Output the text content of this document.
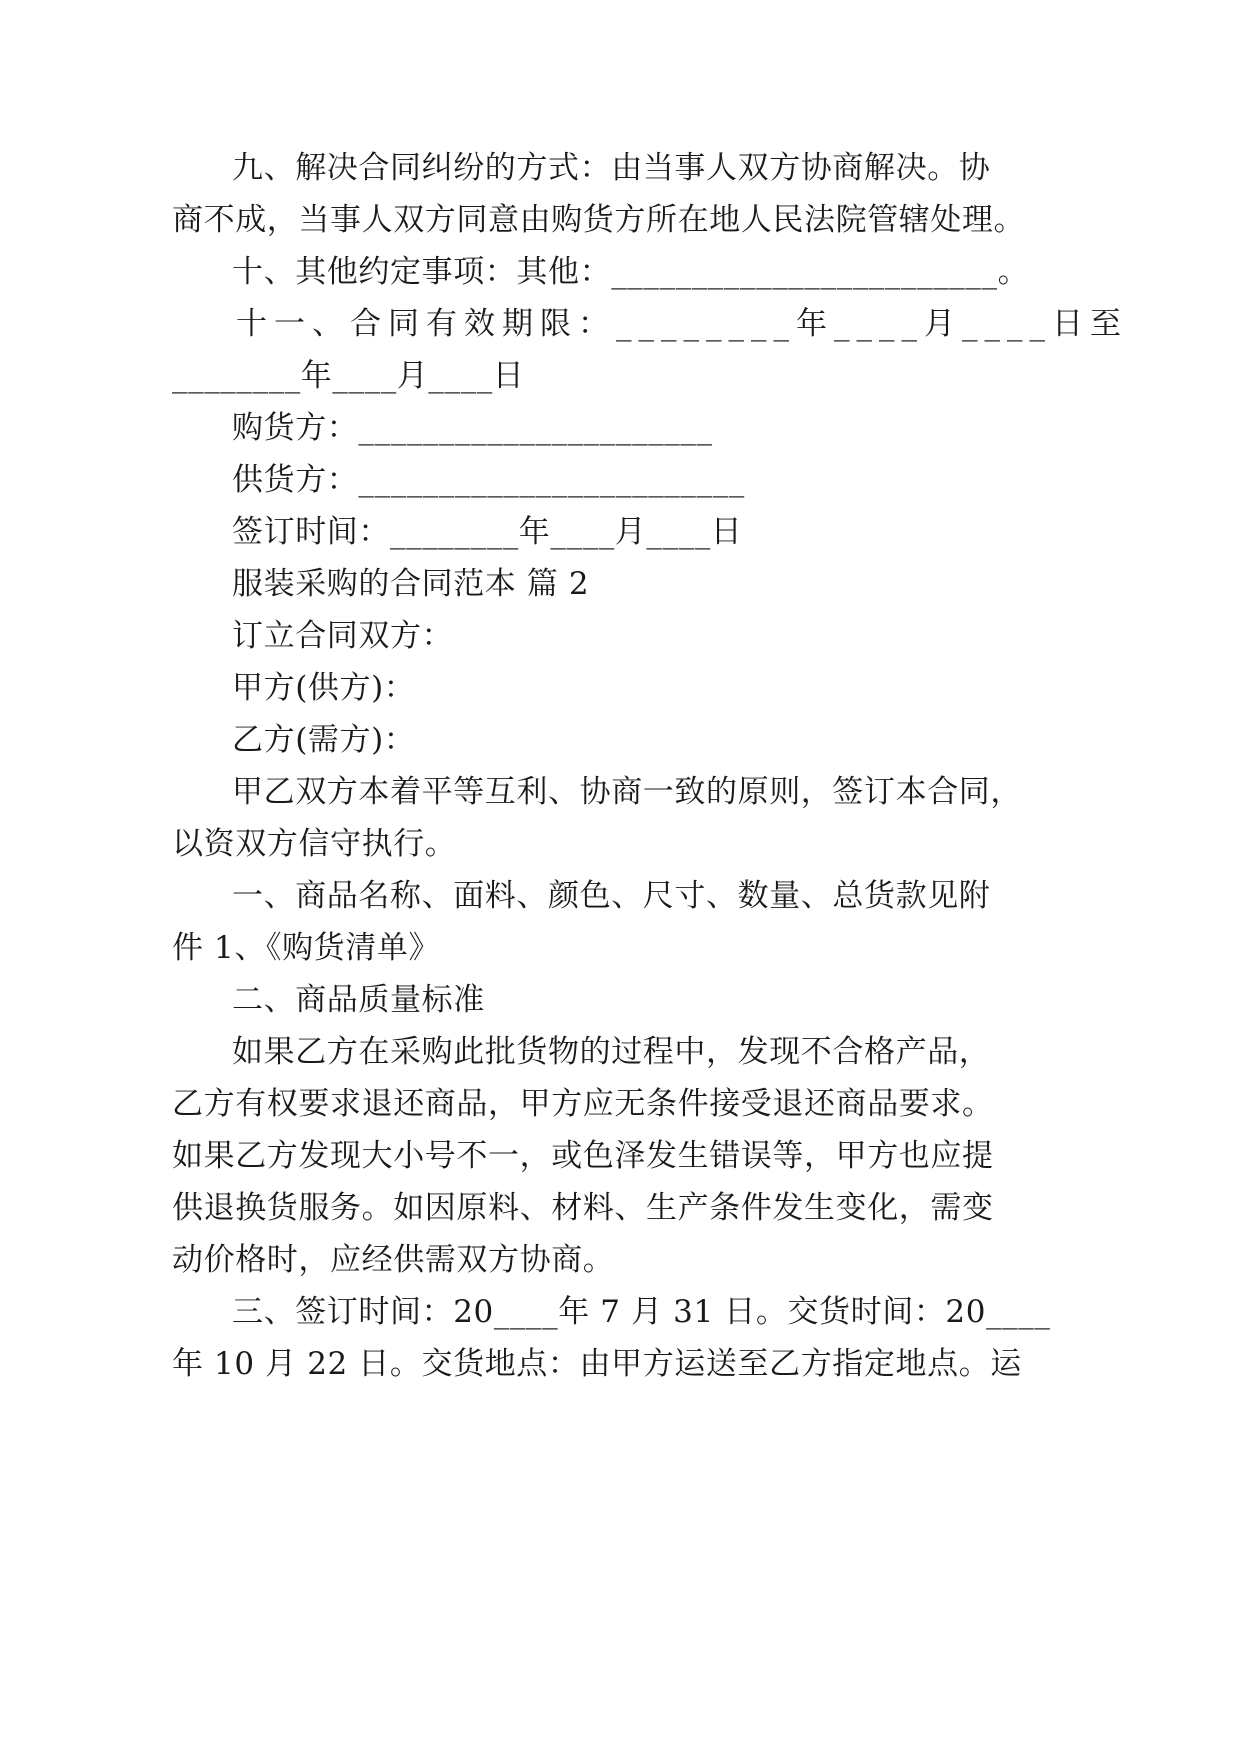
九、解决合同纠纷的方式：由当事人双方协商解决。协
商不成，当事人双方同意由购货方所在地人民法院管辖处理。
十、其他约定事项：其他：________________________。
十一、合同有效期限：________年____月____日至
________年____月____日
购货方：______________________
供货方：________________________
签订时间：________年____月____日
服装采购的合同范本 篇 2
订立合同双方：
甲方(供方)：
乙方(需方)：
甲乙双方本着平等互利、协商一致的原则，签订本合同，
以资双方信守执行。
一、商品名称、面料、颜色、尺寸、数量、总货款见附
件 1、《购货清单》
二、商品质量标准
如果乙方在采购此批货物的过程中，发现不合格产品，
乙方有权要求退还商品，甲方应无条件接受退还商品要求。
如果乙方发现大小号不一，或色泽发生错误等，甲方也应提
供退换货服务。如因原料、材料、生产条件发生变化，需变
动价格时，应经供需双方协商。
三、签订时间：20____年 7 月 31 日。交货时间：20____
年 10 月 22 日。交货地点：由甲方运送至乙方指定地点。运
